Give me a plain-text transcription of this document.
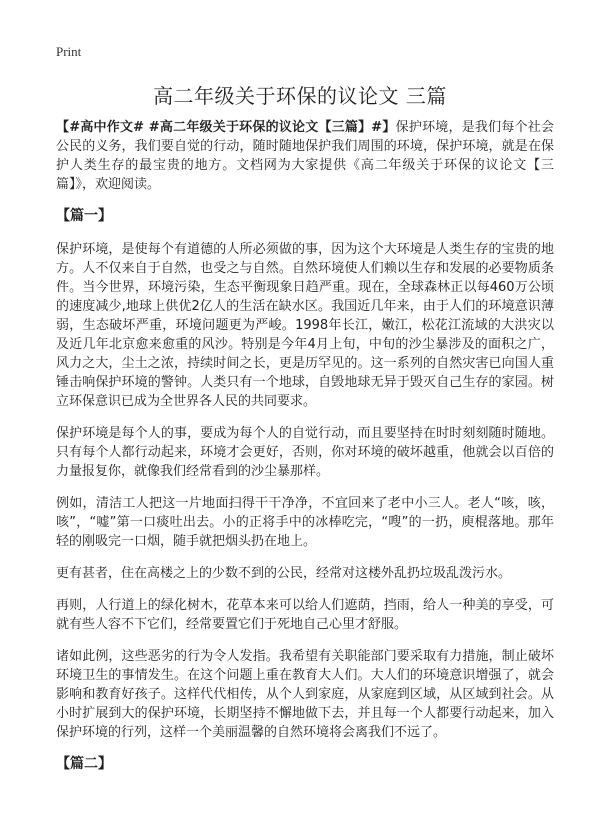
Print
高二年级关于环保的议论文 三篇

【#高中作文# #高二年级关于环保的议论文【三篇】#】保护环境，是我们每个社会公民的义务，我们要自觉的行动，随时随地保护我们周围的环境，保护环境，就是在保护人类生存的最宝贵的地方。文档网为大家提供《高二年级关于环保的议论文【三篇】》，欢迎阅读。

【篇一】

保护环境，是使每个有道德的人所必须做的事，因为这个大环境是人类生存的宝贵的地方。人不仅来自于自然，也受之与自然。自然环境使人们赖以生存和发展的必要物质条件。当今世界，环境污染，生态平衡现象日趋严重。现在，全球森林正以每460万公顷的速度减少,地球上供优2亿人的生活在缺水区。我国近几年来，由于人们的环境意识薄弱，生态破坏严重，环境问题更为严峻。1998年长江，嫩江，松花江流域的大洪灾以及近几年北京愈来愈重的风沙。特别是今年4月上旬，中旬的沙尘暴涉及的面积之广，风力之大，尘土之浓，持续时间之长，更是历罕见的。这一系列的自然灾害已向国人重锤击响保护环境的警钟。人类只有一个地球，自毁地球无异于毁灭自己生存的家园。树立环保意识已成为全世界各人民的共同要求。

保护环境是每个人的事，要成为每个人的自觉行动，而且要坚持在时时刻刻随时随地。只有每个人都行动起来，环境才会更好，否则，你对环境的破坏越重，他就会以百倍的力量报复你，就像我们经常看到的沙尘暴那样。

例如，清洁工人把这一片地面扫得干干净净，不宜回来了老中小三人。老人“咳，咳，咳”，“嘘”第一口痰吐出去。小的正将手中的冰棒吃完，“嗖”的一扔，庾棍落地。那年轻的刚吸完一口烟，随手就把烟头扔在地上。

更有甚者，住在高楼之上的少数不到的公民，经常对这楼外乱扔垃圾乱泼污水。

再则，人行道上的绿化树木，花草本来可以给人们遮荫，挡雨，给人一种美的享受，可就有些人容不下它们，经常要置它们于死地自己心里才舒服。

诸如此例，这些恶劣的行为令人发指。我希望有关职能部门要采取有力措施，制止破坏环境卫生的事情发生。在这个问题上重在教育大人们。大人们的环境意识增强了，就会影响和教育好孩子。这样代代相传，从个人到家庭，从家庭到区域，从区域到社会。从小时扩展到大的保护环境，长期坚持不懈地做下去，并且每一个人都要行动起来，加入保护环境的行列，这样一个美丽温馨的自然环境将会离我们不远了。

【篇二】
